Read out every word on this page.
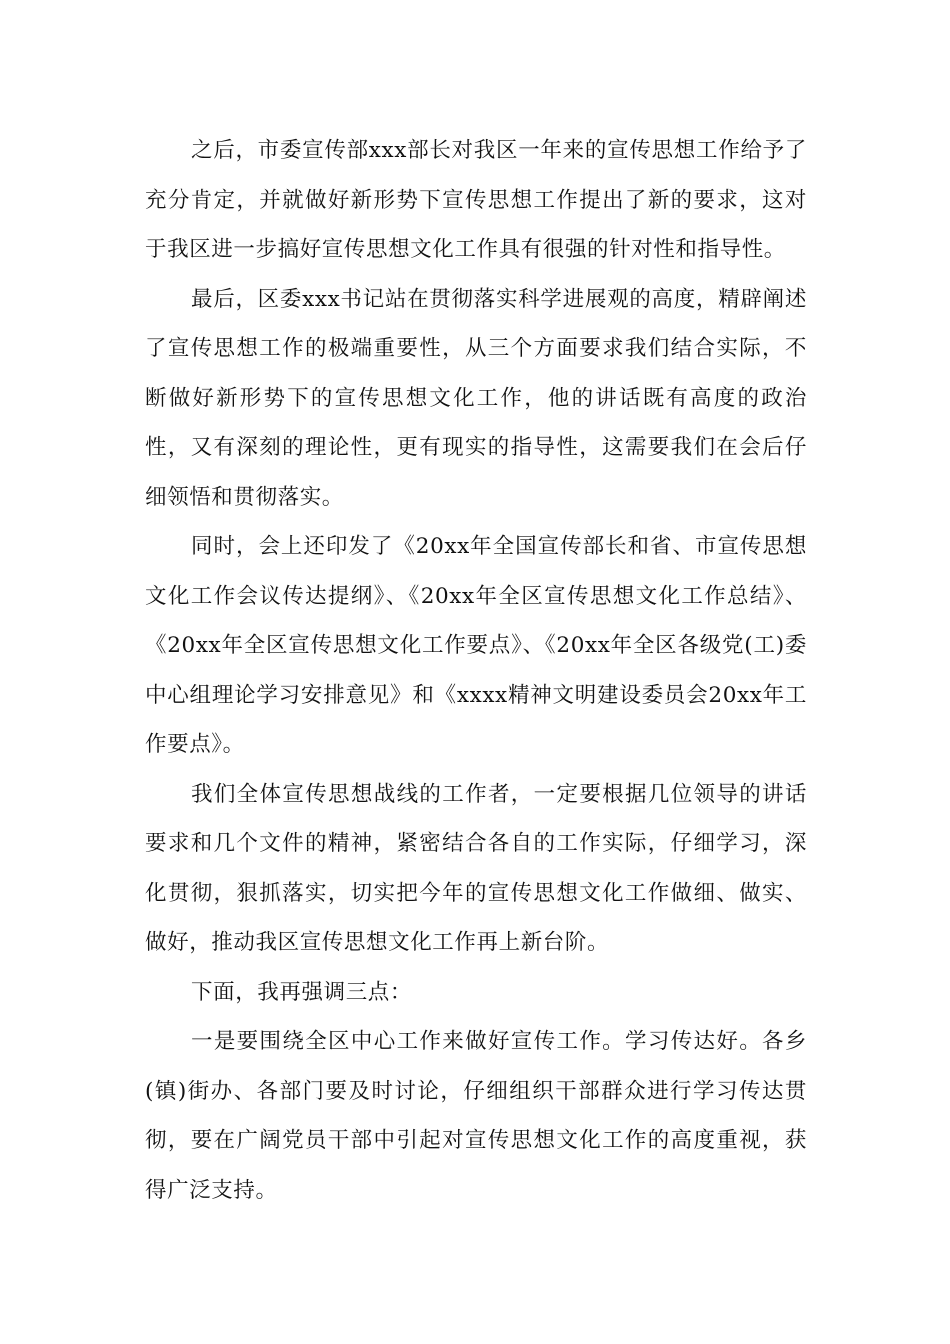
之后，市委宣传部xxx部长对我区一年来的宣传思想工作给予了充分肯定，并就做好新形势下宣传思想工作提出了新的要求，这对于我区进一步搞好宣传思想文化工作具有很强的针对性和指导性。

最后，区委xxx书记站在贯彻落实科学进展观的高度，精辟阐述了宣传思想工作的极端重要性，从三个方面要求我们结合实际，不断做好新形势下的宣传思想文化工作，他的讲话既有高度的政治性，又有深刻的理论性，更有现实的指导性，这需要我们在会后仔细领悟和贯彻落实。

同时，会上还印发了《20xx年全国宣传部长和省、市宣传思想文化工作会议传达提纲》、《20xx年全区宣传思想文化工作总结》、《20xx年全区宣传思想文化工作要点》、《20xx年全区各级党(工)委中心组理论学习安排意见》和《xxxx精神文明建设委员会20xx年工作要点》。

我们全体宣传思想战线的工作者，一定要根据几位领导的讲话要求和几个文件的精神，紧密结合各自的工作实际，仔细学习，深化贯彻，狠抓落实，切实把今年的宣传思想文化工作做细、做实、做好，推动我区宣传思想文化工作再上新台阶。

下面，我再强调三点：

一是要围绕全区中心工作来做好宣传工作。学习传达好。各乡(镇)街办、各部门要及时讨论，仔细组织干部群众进行学习传达贯彻，要在广阔党员干部中引起对宣传思想文化工作的高度重视，获得广泛支持。
